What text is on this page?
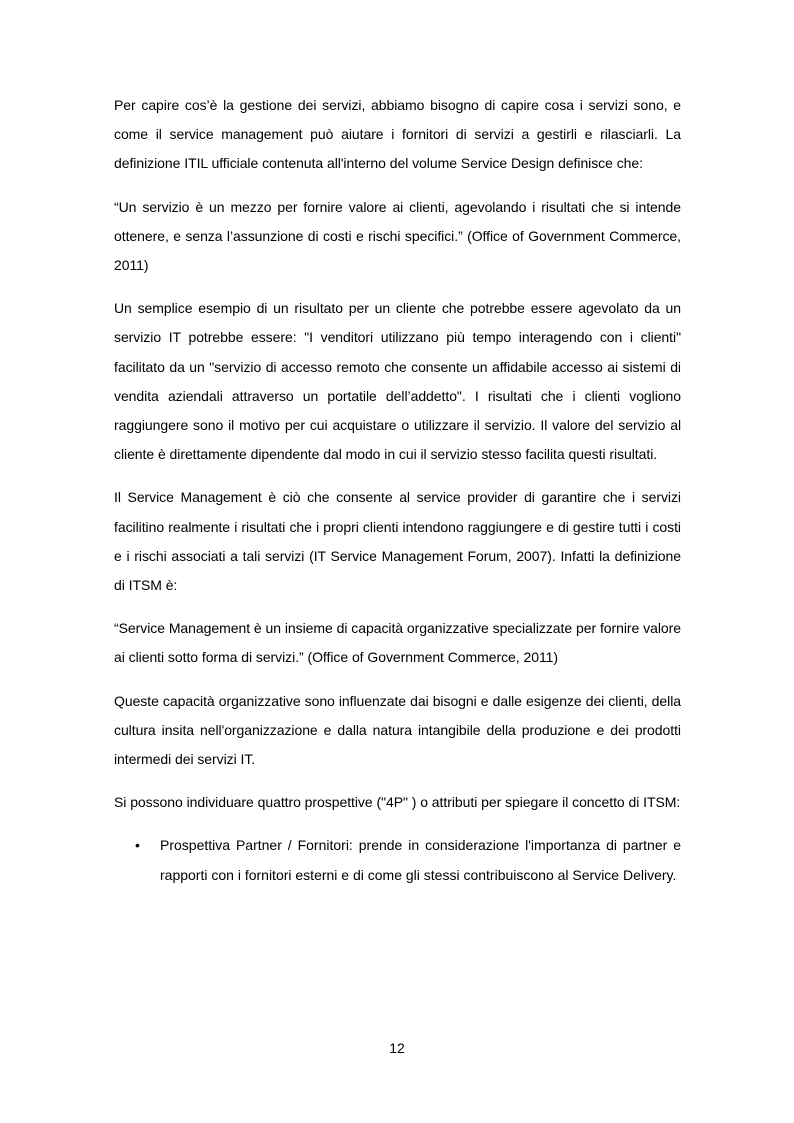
Per capire cos’è la gestione dei servizi, abbiamo bisogno di capire cosa i servizi sono, e come il service management può aiutare i fornitori di servizi a gestirli e rilasciarli. La definizione ITIL ufficiale contenuta all'interno del volume Service Design definisce che:

“Un servizio è un mezzo per fornire valore ai clienti, agevolando i risultati che si intende ottenere, e senza l’assunzione di costi e rischi specifici.” (Office of Government Commerce, 2011)

Un semplice esempio di un risultato per un cliente che potrebbe essere agevolato da un servizio IT potrebbe essere: "I venditori utilizzano più tempo interagendo con i clienti" facilitato da un "servizio di accesso remoto che consente un affidabile accesso ai sistemi di vendita aziendali attraverso un portatile dell’addetto". I risultati che i clienti vogliono raggiungere sono il motivo per cui acquistare o utilizzare il servizio. Il valore del servizio al cliente è direttamente dipendente dal modo in cui il servizio stesso facilita questi risultati.

Il Service Management è ciò che consente al service provider di garantire che i servizi facilitino realmente i risultati che i propri clienti intendono raggiungere e di gestire tutti i costi e i rischi associati a tali servizi (IT Service Management Forum, 2007). Infatti la definizione di ITSM è:

“Service Management è un insieme di capacità organizzative specializzate per fornire valore ai clienti sotto forma di servizi.” (Office of Government Commerce, 2011)

Queste capacità organizzative sono influenzate dai bisogni e dalle esigenze dei clienti, della cultura insita nell'organizzazione e dalla natura intangibile della produzione e dei prodotti intermedi dei servizi IT.

Si possono individuare quattro prospettive ("4P" ) o attributi per spiegare il concetto di ITSM:

• Prospettiva Partner / Fornitori: prende in considerazione l'importanza di partner e rapporti con i fornitori esterni e di come gli stessi contribuiscono al Service Delivery.
12
